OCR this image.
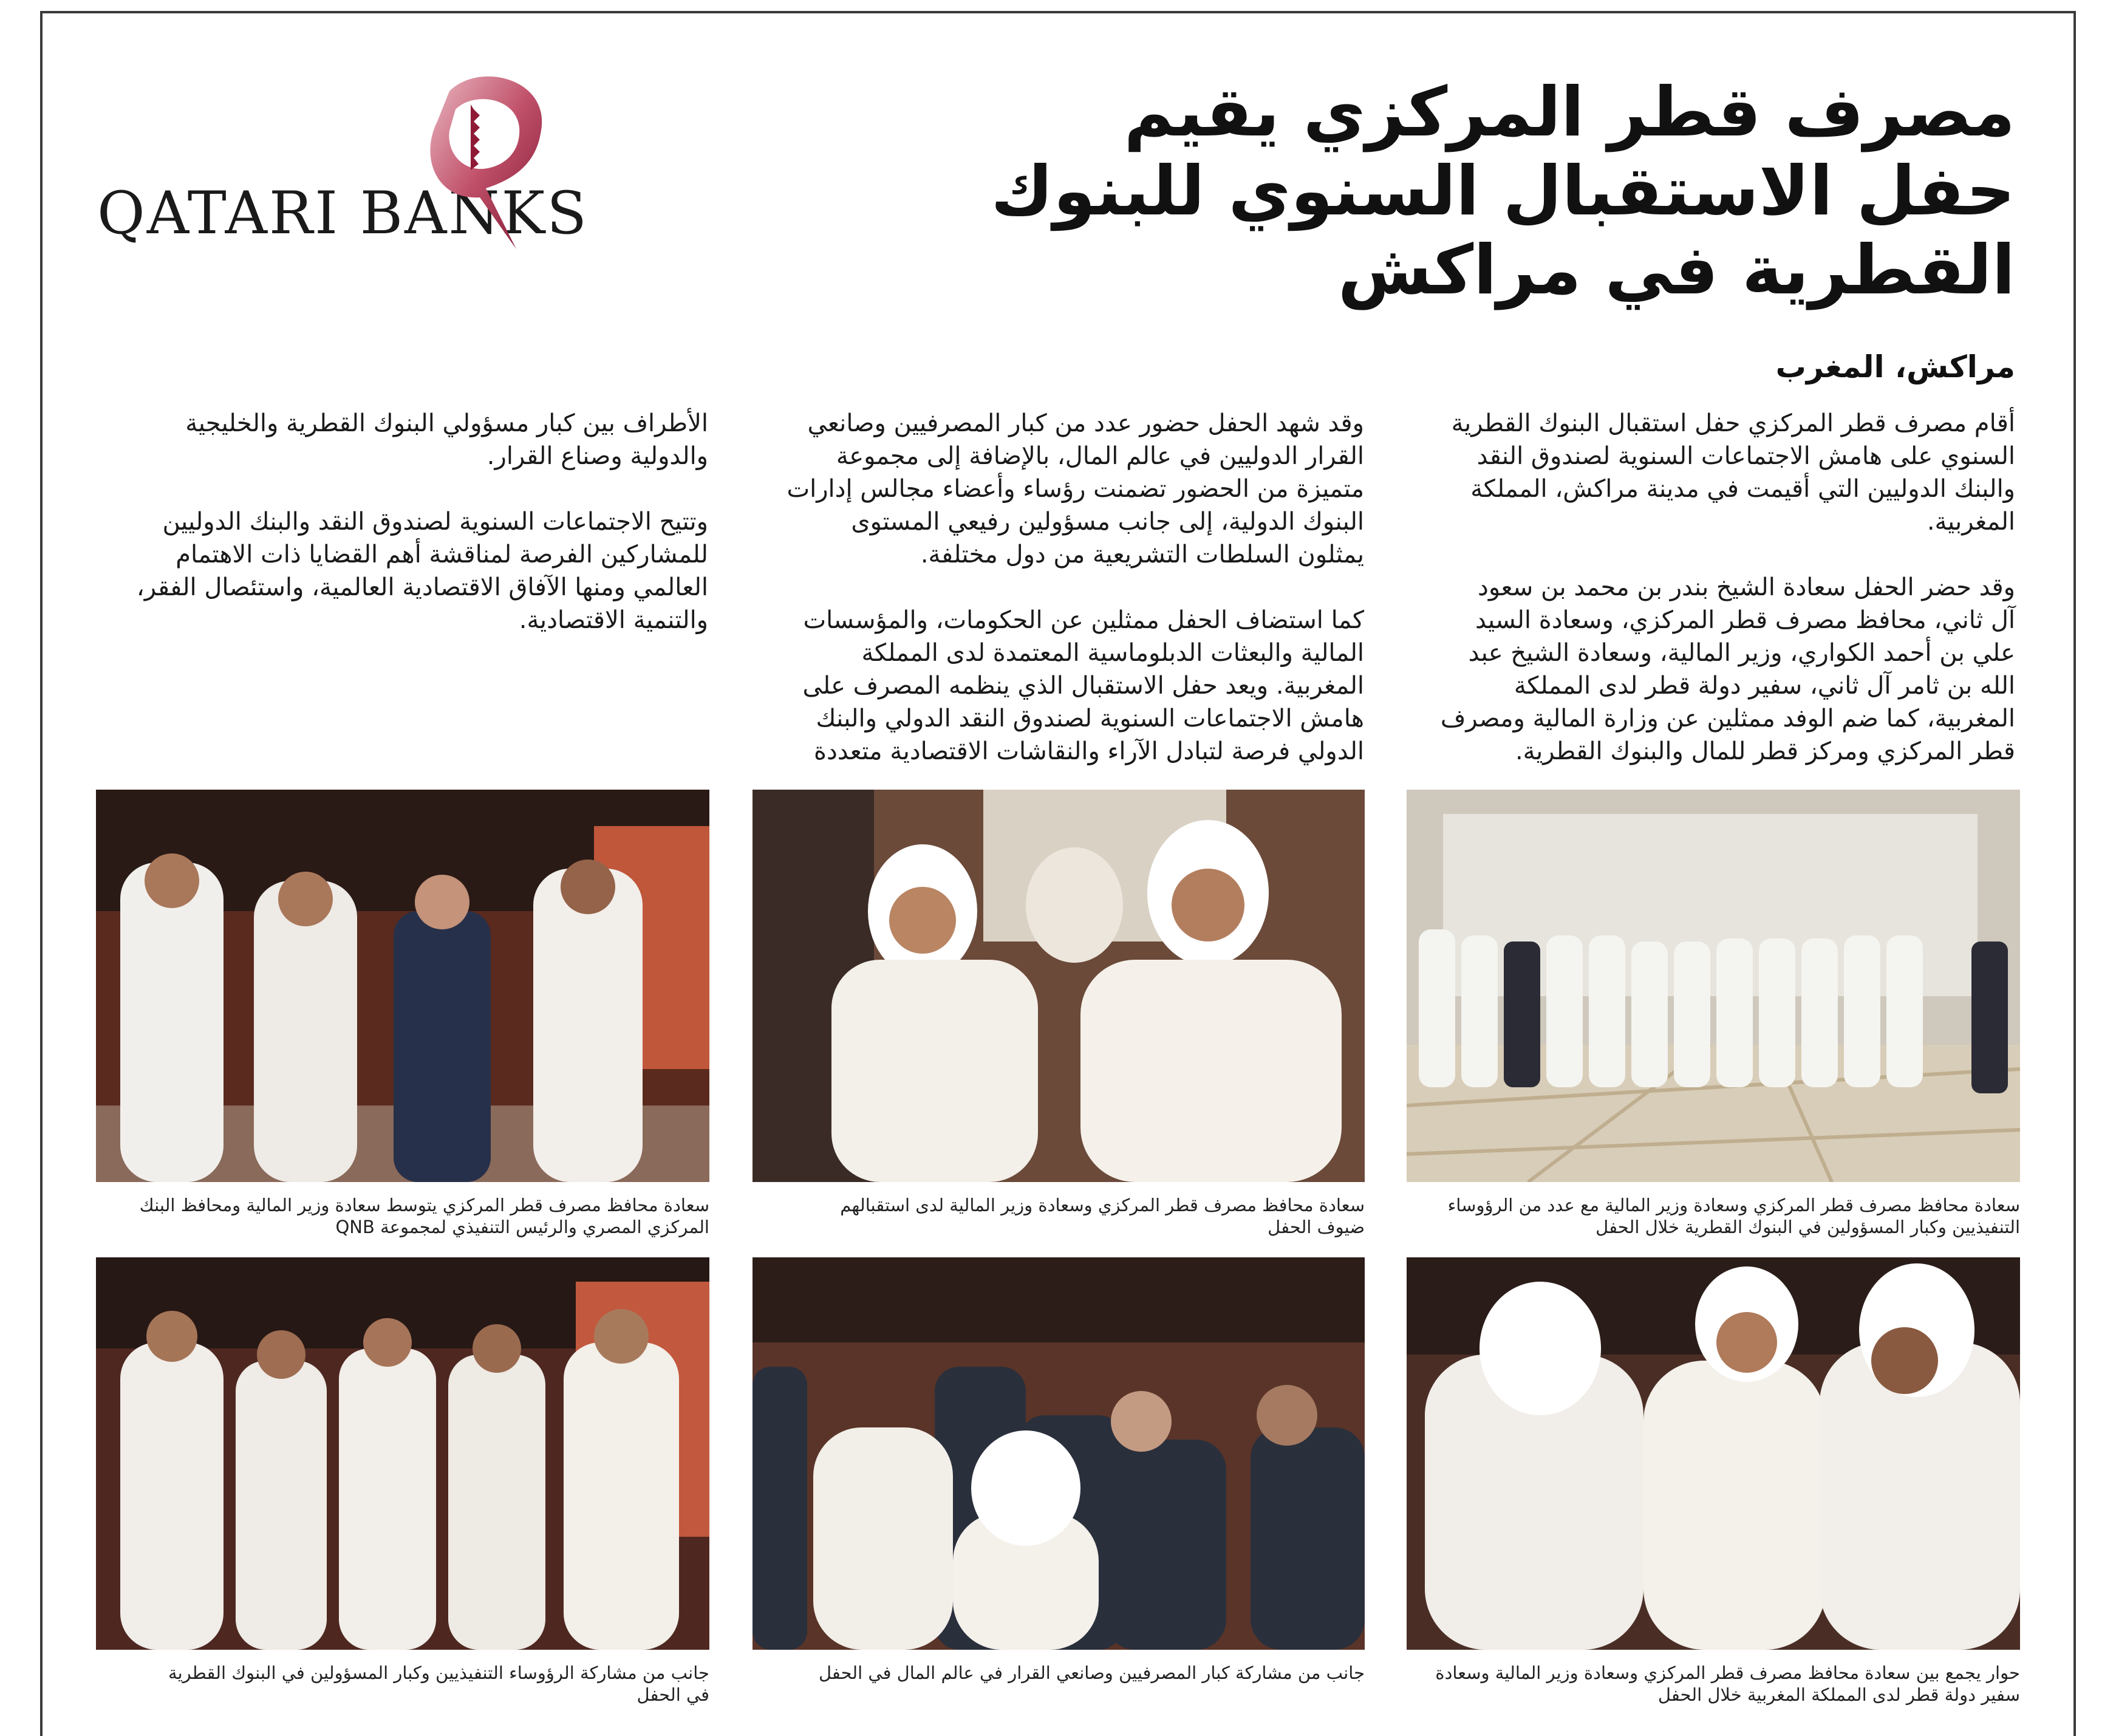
QATARI BANKS
مصرف قطر المركزي يقيم
حفل الاستقبال السنوي للبنوك
القطرية في مراكش
مراكش، المغرب

أقام مصرف قطر المركزي حفل استقبال البنوك القطرية
السنوي على هامش الاجتماعات السنوية لصندوق النقد
والبنك الدوليين التي أقيمت في مدينة مراكش، المملكة
المغربية.

وقد حضر الحفل سعادة الشيخ بندر بن محمد بن سعود
آل ثاني، محافظ مصرف قطر المركزي، وسعادة السيد
علي بن أحمد الكواري، وزير المالية، وسعادة الشيخ عبد
الله بن ثامر آل ثاني، سفير دولة قطر لدى المملكة
المغربية، كما ضم الوفد ممثلين عن وزارة المالية ومصرف
قطر المركزي ومركز قطر للمال والبنوك القطرية.

وقد شهد الحفل حضور عدد من كبار المصرفيين وصانعي
القرار الدوليين في عالم المال، بالإضافة إلى مجموعة
متميزة من الحضور تضمنت رؤساء وأعضاء مجالس إدارات
البنوك الدولية، إلى جانب مسؤولين رفيعي المستوى
يمثلون السلطات التشريعية من دول مختلفة.

كما استضاف الحفل ممثلين عن الحكومات، والمؤسسات
المالية والبعثات الدبلوماسية المعتمدة لدى المملكة
المغربية. ويعد حفل الاستقبال الذي ينظمه المصرف على
هامش الاجتماعات السنوية لصندوق النقد الدولي والبنك
الدولي فرصة لتبادل الآراء والنقاشات الاقتصادية متعددة

الأطراف بين كبار مسؤولي البنوك القطرية والخليجية
والدولية وصناع القرار.

وتتيح الاجتماعات السنوية لصندوق النقد والبنك الدوليين
للمشاركين الفرصة لمناقشة أهم القضايا ذات الاهتمام
العالمي ومنها الآفاق الاقتصادية العالمية، واستئصال الفقر،
والتنمية الاقتصادية.

سعادة محافظ مصرف قطر المركزي وسعادة وزير المالية مع عدد من الرؤوساء
التنفيذيين وكبار المسؤولين في البنوك القطرية خلال الحفل
سعادة محافظ مصرف قطر المركزي وسعادة وزير المالية لدى استقبالهم
ضيوف الحفل
سعادة محافظ مصرف قطر المركزي يتوسط سعادة وزير المالية ومحافظ البنك
المركزي المصري والرئيس التنفيذي لمجموعة QNB
حوار يجمع بين سعادة محافظ مصرف قطر المركزي وسعادة وزير المالية وسعادة
سفير دولة قطر لدى المملكة المغربية خلال الحفل
جانب من مشاركة كبار المصرفيين وصانعي القرار في عالم المال في الحفل
جانب من مشاركة الرؤوساء التنفيذيين وكبار المسؤولين في البنوك القطرية
في الحفل
